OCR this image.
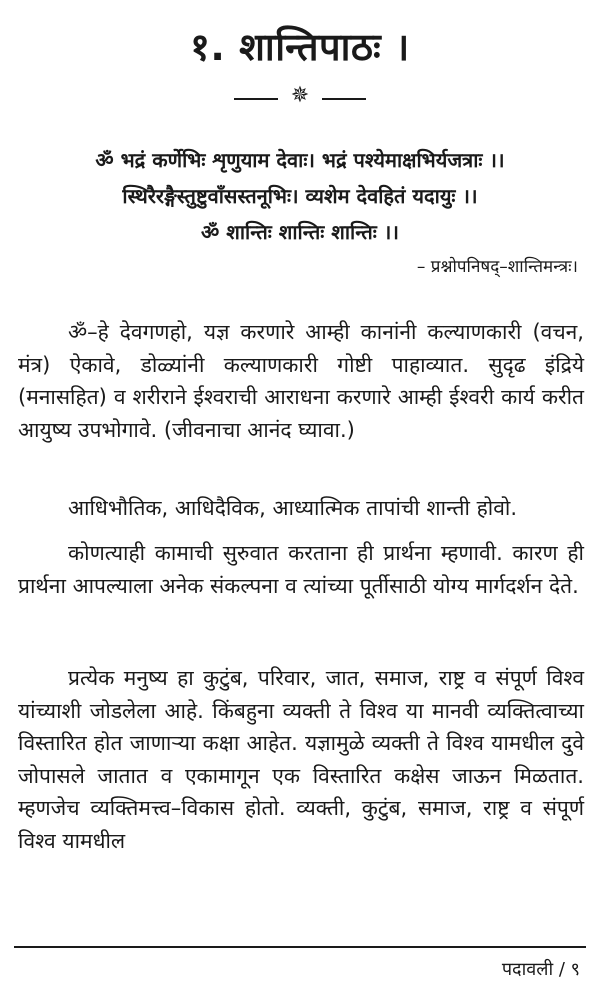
१. शान्तिपाठः ।
✵
ॐ भद्रं कर्णेभिः शृणुयाम देवाः। भद्रं पश्येमाक्षभिर्यजत्राः ।।
स्थिरैरङ्गैस्तुष्टुवाँसस्तनूभिः। व्यशेम देवहितं यदायुः ।।
ॐ शान्तिः शान्तिः शान्तिः ।।
– प्रश्नोपनिषद्–शान्तिमन्त्रः।

ॐ–हे देवगणहो, यज्ञ करणारे आम्ही कानांनी कल्याणकारी (वचन, मंत्र) ऐकावे, डोळ्यांनी कल्याणकारी गोष्टी पाहाव्यात. सुदृढ इंद्रिये (मनासहित) व शरीराने ईश्वराची आराधना करणारे आम्ही ईश्वरी कार्य करीत आयुष्य उपभोगावे. (जीवनाचा आनंद घ्यावा.)

आधिभौतिक, आधिदैविक, आध्यात्मिक तापांची शान्ती होवो.

कोणत्याही कामाची सुरुवात करताना ही प्रार्थना म्हणावी. कारण ही प्रार्थना आपल्याला अनेक संकल्पना व त्यांच्या पूर्तीसाठी योग्य मार्गदर्शन देते.

प्रत्येक मनुष्य हा कुटुंब, परिवार, जात, समाज, राष्ट्र व संपूर्ण विश्व यांच्याशी जोडलेला आहे. किंबहुना व्यक्ती ते विश्व या मानवी व्यक्तित्वाच्या विस्तारित होत जाणाऱ्या कक्षा आहेत. यज्ञामुळे व्यक्ती ते विश्व यामधील दुवे जोपासले जातात व एकामागून एक विस्तारित कक्षेस जाऊन मिळतात. म्हणजेच व्यक्तिमत्त्व–विकास होतो. व्यक्ती, कुटुंब, समाज, राष्ट्र व संपूर्ण विश्व यामधील

पदावली / ९
